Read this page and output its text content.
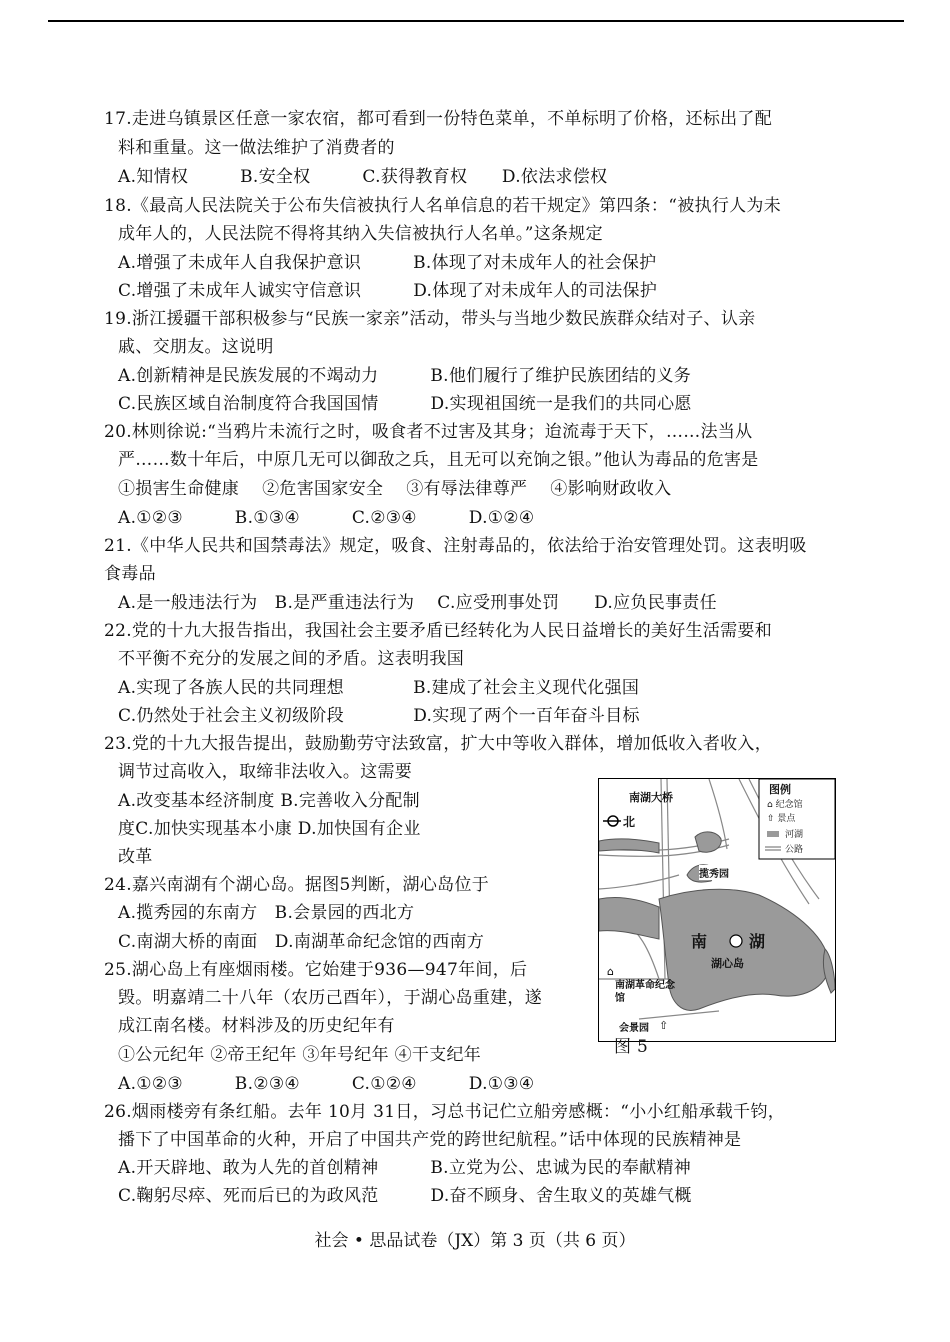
17.走进乌镇景区任意一家农宿，都可看到一份特色菜单，不单标明了价格，还标出了配
料和重量。这一做法维护了消费者的
A.知情权　　　B.安全权　　　C.获得教育权　　D.依法求偿权
18.《最高人民法院关于公布失信被执行人名单信息的若干规定》第四条：“被执行人为未
成年人的，人民法院不得将其纳入失信被执行人名单。”这条规定
A.增强了未成年人自我保护意识　　　B.体现了对未成年人的社会保护
C.增强了未成年人诚实守信意识　　　D.体现了对未成年人的司法保护
19.浙江援疆干部积极参与“民族一家亲”活动，带头与当地少数民族群众结对子、认亲
戚、交朋友。这说明
A.创新精神是民族发展的不竭动力　　　B.他们履行了维护民族团结的义务
C.民族区域自治制度符合我国国情　　　D.实现祖国统一是我们的共同心愿
20.林则徐说:“当鸦片未流行之时，吸食者不过害及其身；迨流毒于天下，……法当从
严……数十年后，中原几无可以御敌之兵，且无可以充饷之银。”他认为毒品的危害是
①损害生命健康　 ②危害国家安全　 ③有辱法律尊严　 ④影响财政收入
A.①②③　　　B.①③④　　　C.②③④　　　D.①②④
21.《中华人民共和国禁毒法》规定，吸食、注射毒品的，依法给于治安管理处罚。这表明吸
食毒品
A.是一般违法行为　B.是严重违法行为　 C.应受刑事处罚　　D.应负民事责任
22.党的十九大报告指出，我国社会主要矛盾已经转化为人民日益增长的美好生活需要和
不平衡不充分的发展之间的矛盾。这表明我国
A.实现了各族人民的共同理想　　　　B.建成了社会主义现代化强国
C.仍然处于社会主义初级阶段　　　　D.实现了两个一百年奋斗目标
23.党的十九大报告提出，鼓励勤劳守法致富，扩大中等收入群体，增加低收入者收入，
调节过高收入，取缔非法收入。这需要
A.改变基本经济制度 B.完善收入分配制
度C.加快实现基本小康 D.加快国有企业
改革
24.嘉兴南湖有个湖心岛。据图5判断，湖心岛位于
A.揽秀园的东南方　B.会景园的西北方
C.南湖大桥的南面　D.南湖革命纪念馆的西南方
25.湖心岛上有座烟雨楼。它始建于936—947年间，后
毁。明嘉靖二十八年（农历己酉年），于湖心岛重建，遂
成江南名楼。材料涉及的历史纪年有
①公元纪年 ②帝王纪年 ③年号纪年 ④干支纪年
A.①②③　　　B.②③④　　　C.①②④　　　D.①③④
26.烟雨楼旁有条红船。去年 10月 31日，习总书记伫立船旁感概：“小小红船承载千钧，
播下了中国革命的火种，开启了中国共产党的跨世纪航程。”话中体现的民族精神是
A.开天辟地、敢为人先的首创精神　　　B.立党为公、忠诚为民的奉献精神
C.鞠躬尽瘁、死而后已的为政风范　　　D.奋不顾身、舍生取义的英雄气概
图例
⌂ 纪念馆
⇧ 景点
河湖
公路
南湖大桥
北
揽秀园
南	湖
湖心岛
⌂
南湖革命纪念馆
会景园 ⇧
图 5
社会 • 思品试卷（JX）第 3 页（共 6 页）
